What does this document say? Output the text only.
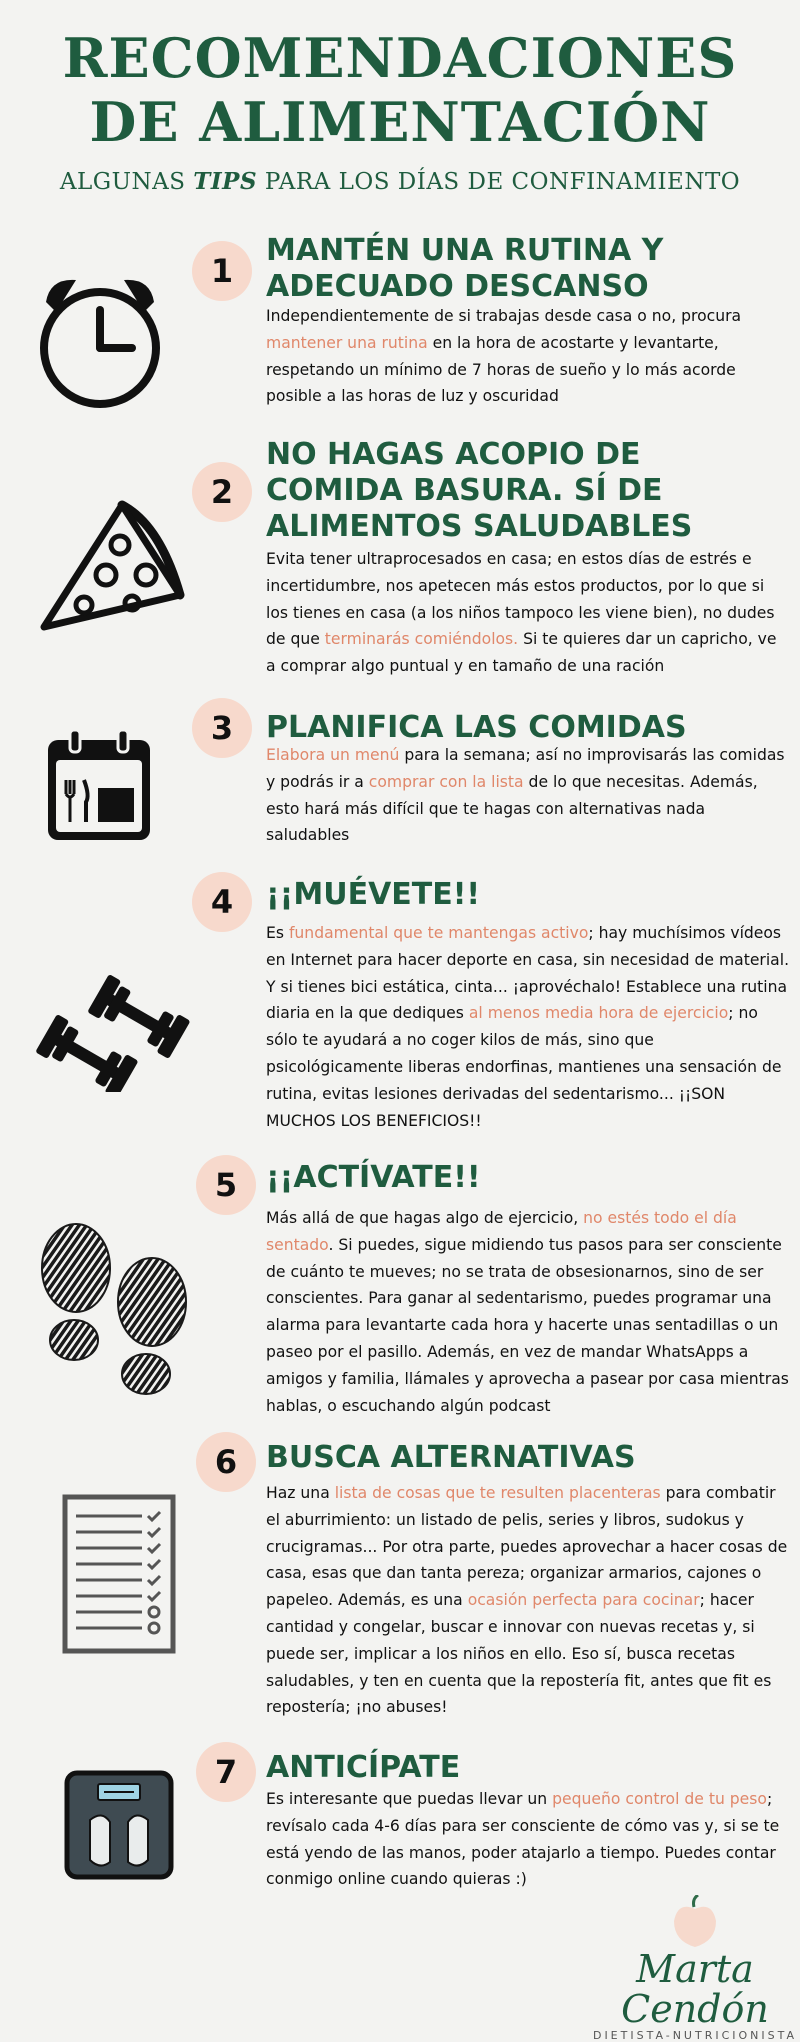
RECOMENDACIONES
DE ALIMENTACIÓN
ALGUNAS TIPS PARA LOS DÍAS DE CONFINAMIENTO
1
MANTÉN UNA RUTINA Y
ADECUADO DESCANSO
Independientemente de si trabajas desde casa o no, procura mantener una rutina en la hora de acostarte y levantarte, respetando un mínimo de 7 horas de sueño y lo más acorde posible a las horas de luz y oscuridad
2
NO HAGAS ACOPIO DE
COMIDA BASURA. SÍ DE
ALIMENTOS SALUDABLES
Evita tener ultraprocesados en casa; en estos días de estrés e incertidumbre, nos apetecen más estos productos, por lo que si los tienes en casa (a los niños tampoco les viene bien), no dudes de que terminarás comiéndolos. Si te quieres dar un capricho, ve a comprar algo puntual y en tamaño de una ración
3	PLANIFICA LAS COMIDAS
Elabora un menú para la semana; así no improvisarás las comidas y podrás ir a comprar con la lista de lo que necesitas. Además, esto hará más difícil que te hagas con alternativas nada saludables
4	¡¡MUÉVETE!!
Es fundamental que te mantengas activo; hay muchísimos vídeos en Internet para hacer deporte en casa, sin necesidad de material. Y si tienes bici estática, cinta... ¡aprovéchalo! Establece una rutina diaria en la que dediques al menos media hora de ejercicio; no sólo te ayudará a no coger kilos de más, sino que psicológicamente liberas endorfinas, mantienes una sensación de rutina, evitas lesiones derivadas del sedentarismo... ¡¡SON MUCHOS LOS BENEFICIOS!!
5 ¡¡ACTÍVATE!!
Más allá de que hagas algo de ejercicio, no estés todo el día sentado. Si puedes, sigue midiendo tus pasos para ser consciente de cuánto te mueves; no se trata de obsesionarnos, sino de ser conscientes. Para ganar al sedentarismo, puedes programar una alarma para levantarte cada hora y hacerte unas sentadillas o un paseo por el pasillo. Además, en vez de mandar WhatsApps a amigos y familia, llámales y aprovecha a pasear por casa mientras hablas, o escuchando algún podcast
6 BUSCA ALTERNATIVAS
Haz una lista de cosas que te resulten placenteras para combatir el aburrimiento: un listado de pelis, series y libros, sudokus y crucigramas... Por otra parte, puedes aprovechar a hacer cosas de casa, esas que dan tanta pereza; organizar armarios, cajones o papeleo. Además, es una ocasión perfecta para cocinar; hacer cantidad y congelar, buscar e innovar con nuevas recetas y, si puede ser, implicar a los niños en ello. Eso sí, busca recetas saludables, y ten en cuenta que la repostería fit, antes que fit es repostería; ¡no abuses!
7 ANTICÍPATE
Es interesante que puedas llevar un pequeño control de tu peso; revísalo cada 4-6 días para ser consciente de cómo vas y, si se te está yendo de las manos, poder atajarlo a tiempo. Puedes contar conmigo online cuando quieras :)
Marta Cendón
DIETISTA-NUTRICIONISTA
